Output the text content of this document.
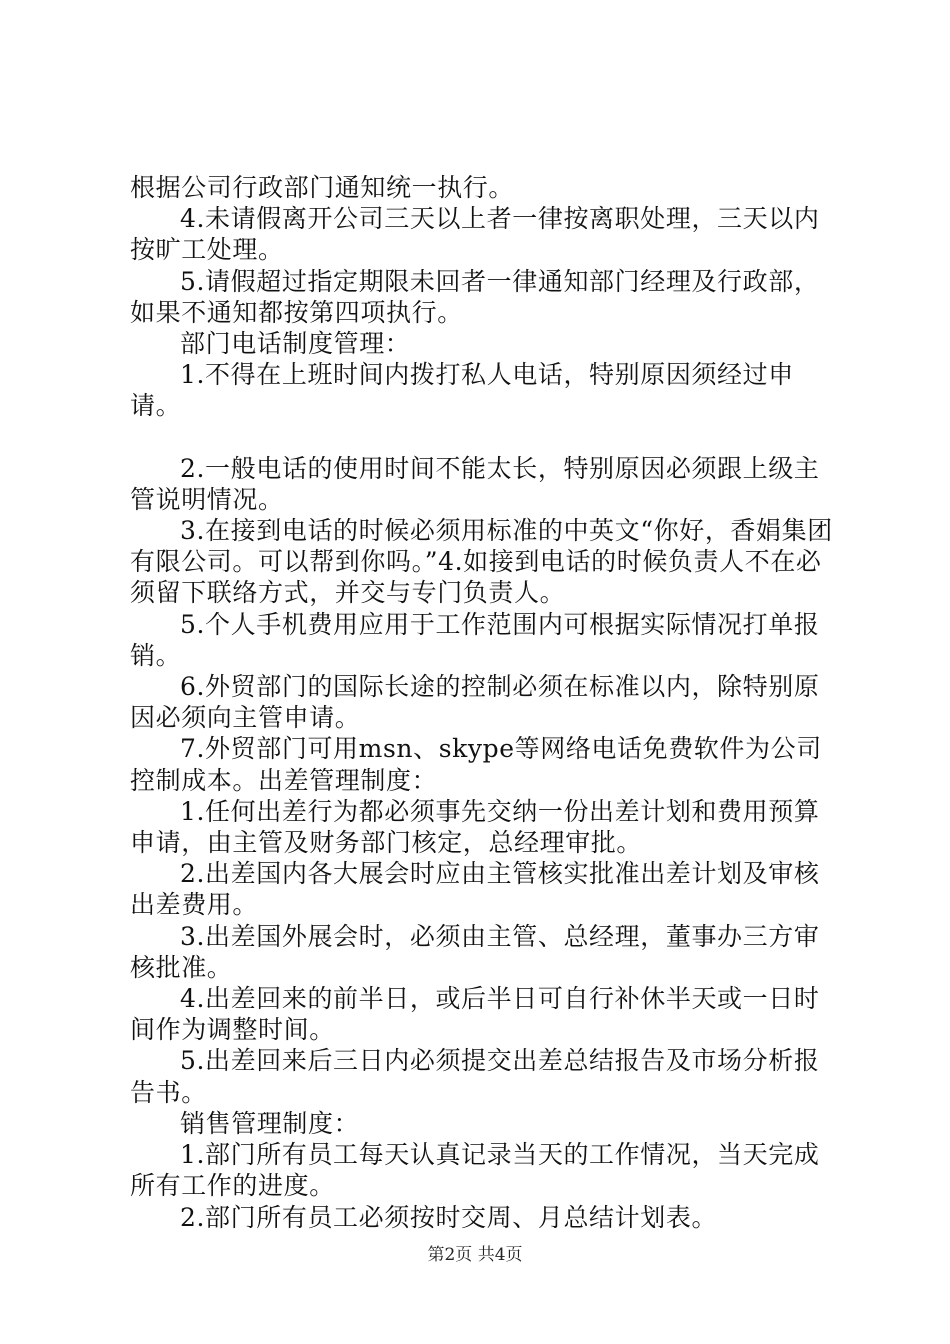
根据公司行政部门通知统一执行。

4.未请假离开公司三天以上者一律按离职处理，三天以内按旷工处理。

5.请假超过指定期限未回者一律通知部门经理及行政部，如果不通知都按第四项执行。

部门电话制度管理：

1.不得在上班时间内拨打私人电话，特别原因须经过申请。

2.一般电话的使用时间不能太长，特别原因必须跟上级主管说明情况。

3.在接到电话的时候必须用标准的中英文“你好，香娟集团有限公司。可以帮到你吗。”4.如接到电话的时候负责人不在必须留下联络方式，并交与专门负责人。

5.个人手机费用应用于工作范围内可根据实际情况打单报销。

6.外贸部门的国际长途的控制必须在标准以内，除特别原因必须向主管申请。

7.外贸部门可用msn、skype等网络电话免费软件为公司控制成本。出差管理制度：

1.任何出差行为都必须事先交纳一份出差计划和费用预算申请，由主管及财务部门核定，总经理审批。

2.出差国内各大展会时应由主管核实批准出差计划及审核出差费用。

3.出差国外展会时，必须由主管、总经理，董事办三方审核批准。

4.出差回来的前半日，或后半日可自行补休半天或一日时间作为调整时间。

5.出差回来后三日内必须提交出差总结报告及市场分析报告书。

销售管理制度：

1.部门所有员工每天认真记录当天的工作情况，当天完成所有工作的进度。

2.部门所有员工必须按时交周、月总结计划表。

第2页 共4页
